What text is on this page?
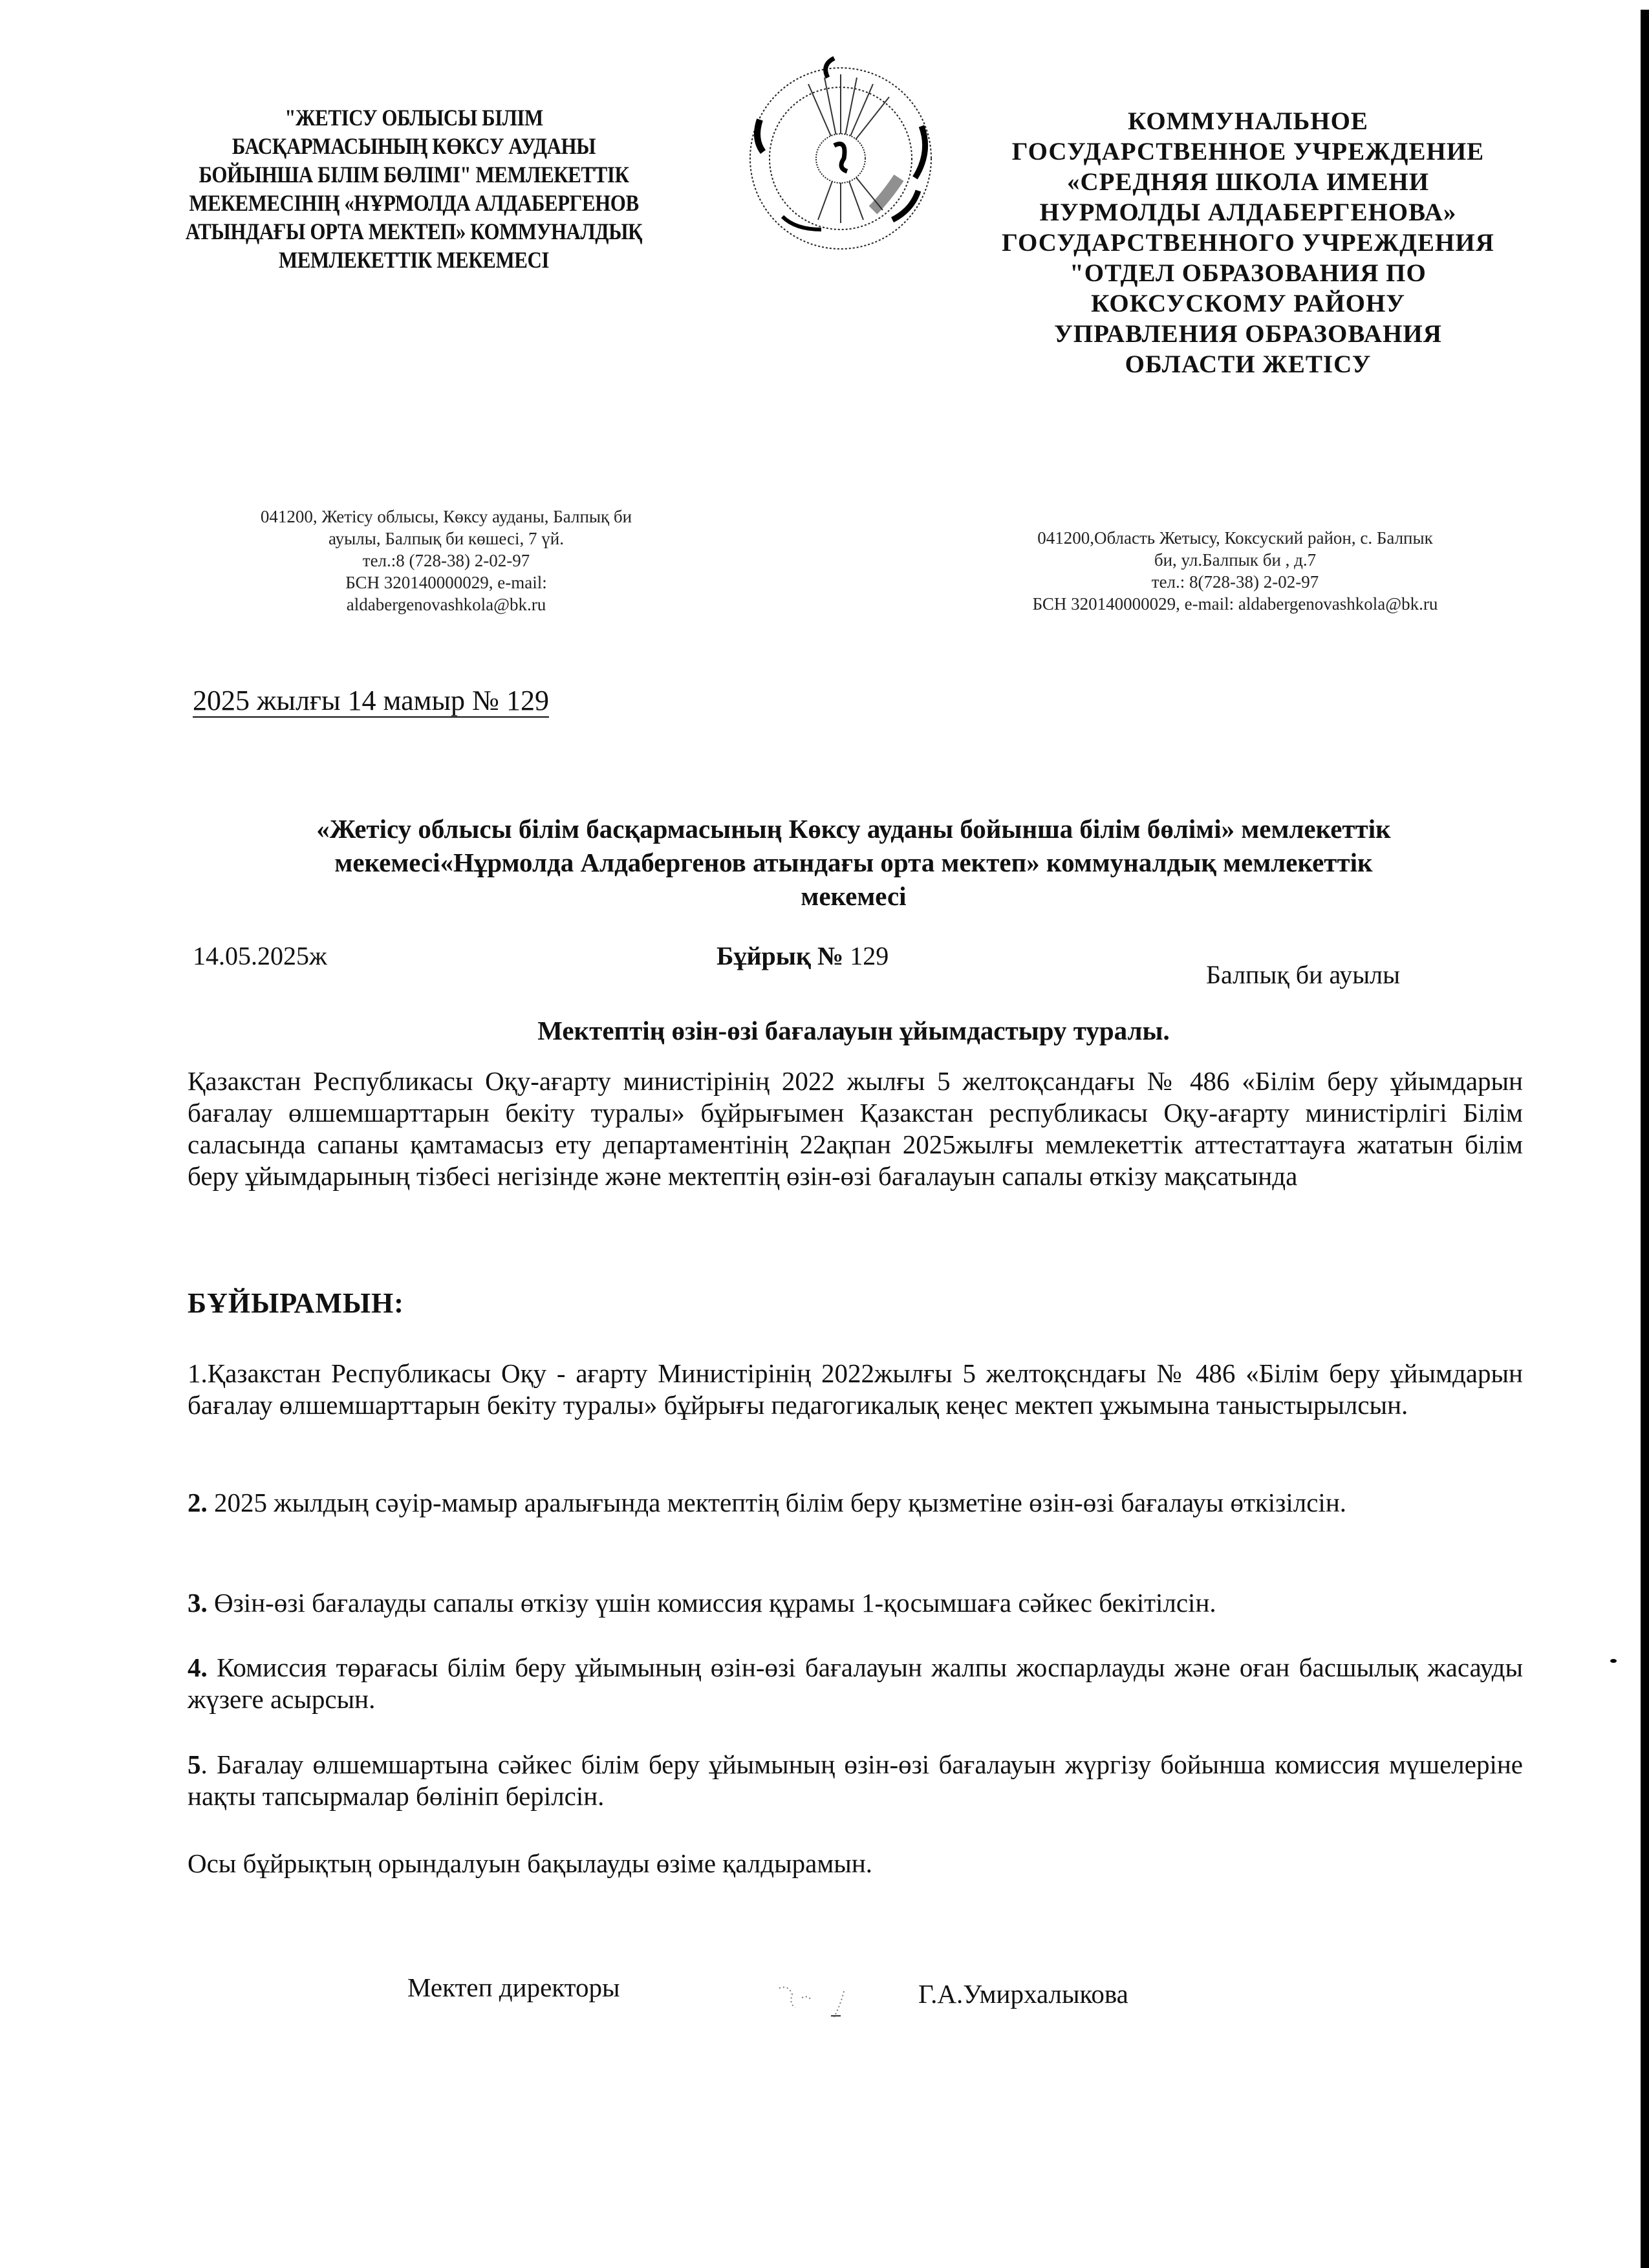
"ЖЕТІСУ ОБЛЫСЫ БІЛІМ
БАСҚАРМАСЫНЫҢ КӨКСУ АУДАНЫ
БОЙЫНША БІЛІМ БӨЛІМІ" МЕМЛЕКЕТТІК
МЕКЕМЕСІНІҢ «НҰРМОЛДА АЛДАБЕРГЕНОВ
АТЫНДАҒЫ ОРТА МЕКТЕП» КОММУНАЛДЫҚ
МЕМЛЕКЕТТІК МЕКЕМЕСІ
КОММУНАЛЬНОЕ
ГОСУДАРСТВЕННОЕ УЧРЕЖДЕНИЕ
«СРЕДНЯЯ ШКОЛА ИМЕНИ
НУРМОЛДЫ АЛДАБЕРГЕНОВА»
ГОСУДАРСТВЕННОГО УЧРЕЖДЕНИЯ
"ОТДЕЛ ОБРАЗОВАНИЯ ПО
КОКСУСКОМУ РАЙОНУ
УПРАВЛЕНИЯ ОБРАЗОВАНИЯ
ОБЛАСТИ ЖЕТІСУ
041200, Жетісу облысы, Көксу ауданы, Балпық би
ауылы, Балпық би көшесі, 7 үй.
тел.:8 (728-38) 2-02-97
БСН 320140000029, e-mail:
aldabergenovashkola@bk.ru
041200,Область Жетысу, Коксуский район, с. Балпык
би, ул.Балпык би , д.7
тел.: 8(728-38) 2-02-97
БСН 320140000029, e-mail: aldabergenovashkola@bk.ru
2025 жылғы 14 мамыр № 129
«Жетісу облысы білім басқармасының Көксу ауданы бойынша білім бөлімі» мемлекеттік
мекемесі«Нұрмолда Алдабергенов атындағы орта мектеп» коммуналдық мемлекеттік
мекемесі
14.05.2025ж	Бұйрық № 129
Балпық би ауылы
Мектептің өзін-өзі бағалауын ұйымдастыру туралы.
Қазакстан Республикасы Оқу-ағарту министірінің 2022 жылғы 5 желтоқсандағы № 486 «Білім беру ұйымдарын бағалау өлшемшарттарын бекіту туралы» бұйрығымен Қазакстан республикасы Оқу-ағарту министірлігі Білім саласында сапаны қамтамасыз ету департаментінің 22ақпан 2025жылғы мемлекеттік аттестаттауға жататын білім беру ұйымдарының тізбесі негізінде және мектептің өзін-өзі бағалауын сапалы өткізу мақсатында
БҰЙЫРАМЫН:
1.Қазакстан Республикасы Оқу - ағарту Министірінің 2022жылғы 5 желтоқсндағы № 486 «Білім беру ұйымдарын бағалау өлшемшарттарын бекіту туралы» бұйрығы педагогикалық кеңес мектеп ұжымына таныстырылсын.
2. 2025 жылдың сәуір-мамыр аралығында мектептің білім беру қызметіне өзін-өзі бағалауы өткізілсін.
3. Өзін-өзі бағалауды сапалы өткізу үшін комиссия құрамы 1-қосымшаға сәйкес бекітілсін.
4. Комиссия төрағасы білім беру ұйымының өзін-өзі бағалауын жалпы жоспарлауды және оған басшылық жасауды жүзеге асырсын.
5. Бағалау өлшемшартына сәйкес білім беру ұйымының өзін-өзі бағалауын жүргізу бойынша комиссия мүшелеріне нақты тапсырмалар бөлініп берілсін.
Осы бұйрықтың орындалуын бақылауды өзіме қалдырамын.
Мектеп директоры	Г.А.Умирхалыкова
